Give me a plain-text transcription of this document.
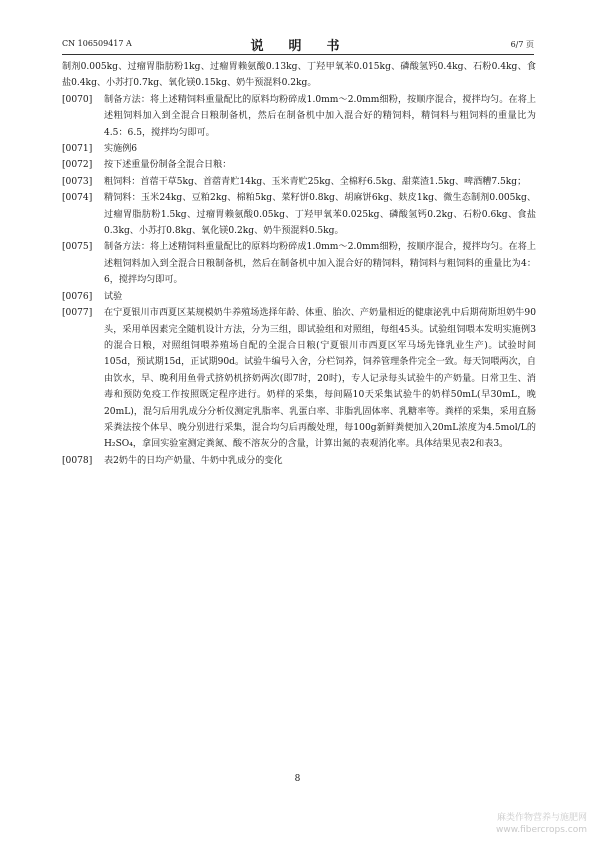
CN 106509417 A	说　明　书	6/7 页
制剂0.005kg、过瘤胃脂肪粉1kg、过瘤胃赖氨酸0.13kg、丁羟甲氧苯0.015kg、磷酸氢钙0.4kg、石粉0.4kg、食盐0.4kg、小苏打0.7kg、氧化镁0.15kg、奶牛预混料0.2kg。
[0070]	制备方法：将上述精饲料重量配比的原料均粉碎成1.0mm～2.0mm细粉，按顺序混合，搅拌均匀。在将上述粗饲料加入到全混合日粮制备机，然后在制备机中加入混合好的精饲料，精饲料与粗饲料的重量比为4.5：6.5，搅拌均匀即可。
[0071]	实施例6
[0072]	按下述重量份制备全混合日粮：
[0073]	粗饲料：首蓿干草5kg、首蓿青贮14kg、玉米青贮25kg、全棉籽6.5kg、甜菜渣1.5kg、啤酒糟7.5kg；
[0074]	精饲料：玉米24kg、豆粕2kg、棉粕5kg、菜籽饼0.8kg、胡麻饼6kg、麸皮1kg、微生态制剂0.005kg、过瘤胃脂肪粉1.5kg、过瘤胃赖氨酸0.05kg、丁羟甲氧苯0.025kg、磷酸氢钙0.2kg、石粉0.6kg、食盐0.3kg、小苏打0.8kg、氧化镁0.2kg、奶牛预混料0.5kg。
[0075]	制备方法：将上述精饲料重量配比的原料均粉碎成1.0mm～2.0mm细粉，按顺序混合，搅拌均匀。在将上述粗饲料加入到全混合日粮制备机，然后在制备机中加入混合好的精饲料，精饲料与粗饲料的重量比为4：6，搅拌均匀即可。
[0076]	试验
[0077]	在宁夏银川市西夏区某规模奶牛养殖场选择年龄、体重、胎次、产奶量相近的健康泌乳中后期荷斯坦奶牛90头，采用单因素完全随机设计方法，分为三组，即试验组和对照组，每组45头。试验组饲喂本发明实施例3的混合日粮，对照组饲喂养殖场自配的全混合日粮(宁夏银川市西夏区军马场先锋乳业生产)。试验时间105d，预试期15d，正试期90d。试验牛编号入舍，分栏饲养，饲养管理条件完全一致。每天饲喂两次，自由饮水，早、晚利用鱼骨式挤奶机挤奶两次(即7时，20时)，专人记录每头试验牛的产奶量。日常卫生、消毒和预防免疫工作按照既定程序进行。奶样的采集，每间隔10天采集试验牛的奶样50mL(早30mL，晚20mL)，混匀后用乳成分分析仪测定乳脂率、乳蛋白率、非脂乳固体率、乳糖率等。粪样的采集，采用直肠采粪法按个体早、晚分别进行采集，混合均匀后再酸处理，每100g新鲜粪便加入20mL浓度为4.5mol/L的H₂SO₄，拿回实验室测定粪氮、酸不溶灰分的含量，计算出氮的表观消化率。具体结果见表2和表3。
[0078]	表2奶牛的日均产奶量、牛奶中乳成分的变化
8
麻类作物营养与施肥网
www.fibercrops.com
